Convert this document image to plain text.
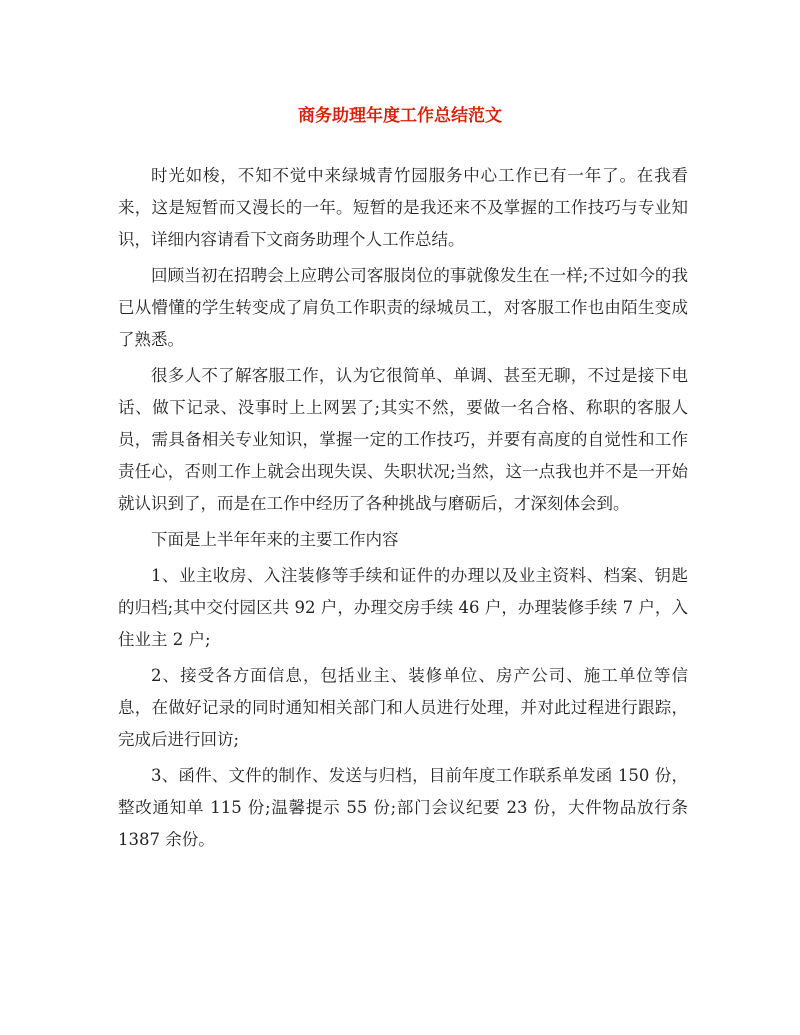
商务助理年度工作总结范文

时光如梭，不知不觉中来绿城青竹园服务中心工作已有一年了。在我看来，这是短暂而又漫长的一年。短暂的是我还来不及掌握的工作技巧与专业知识，详细内容请看下文商务助理个人工作总结。

回顾当初在招聘会上应聘公司客服岗位的事就像发生在一样;不过如今的我已从懵懂的学生转变成了肩负工作职责的绿城员工，对客服工作也由陌生变成了熟悉。

很多人不了解客服工作，认为它很简单、单调、甚至无聊，不过是接下电话、做下记录、没事时上上网罢了;其实不然，要做一名合格、称职的客服人员，需具备相关专业知识，掌握一定的工作技巧，并要有高度的自觉性和工作责任心，否则工作上就会出现失误、失职状况;当然，这一点我也并不是一开始就认识到了，而是在工作中经历了各种挑战与磨砺后，才深刻体会到。

下面是上半年年来的主要工作内容

1、业主收房、入注装修等手续和证件的办理以及业主资料、档案、钥匙的归档;其中交付园区共 92 户，办理交房手续 46 户，办理装修手续 7 户，入住业主 2 户;

2、接受各方面信息，包括业主、装修单位、房产公司、施工单位等信息，在做好记录的同时通知相关部门和人员进行处理，并对此过程进行跟踪，完成后进行回访;

3、函件、文件的制作、发送与归档，目前年度工作联系单发函 150 份，整改通知单 115 份;温馨提示 55 份;部门会议纪要 23 份，大件物品放行条 1387 余份。
